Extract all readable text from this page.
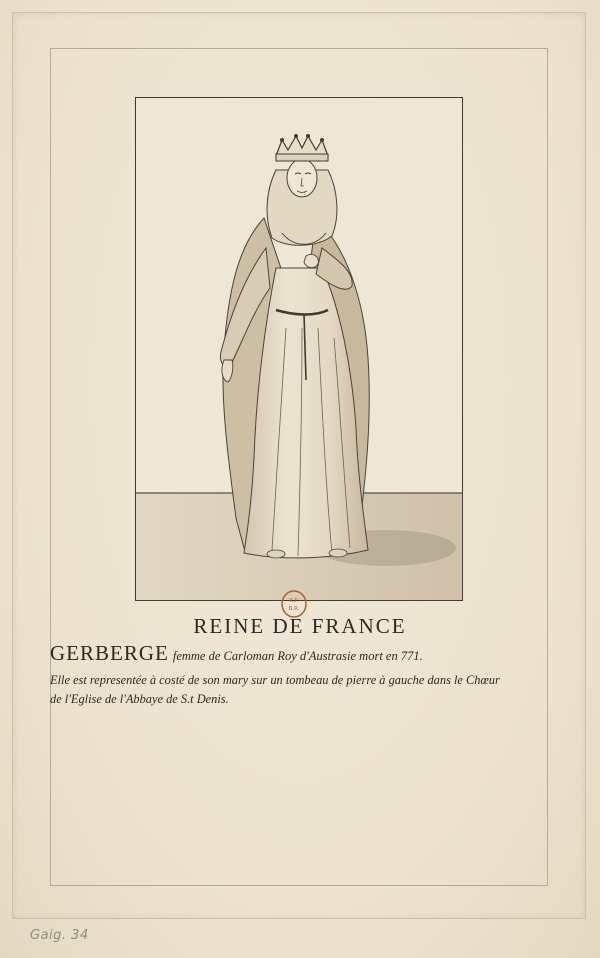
R.F.
B.R.
REINE DE FRANCE
GERBERGE femme de Carloman Roy d'Austrasie mort en 771.
Elle est representée à costé de son mary sur un tombeau de pierre à gauche dans le Chœur
de l'Eglise de l'Abbaye de S.t Denis.
Gaig. 34
